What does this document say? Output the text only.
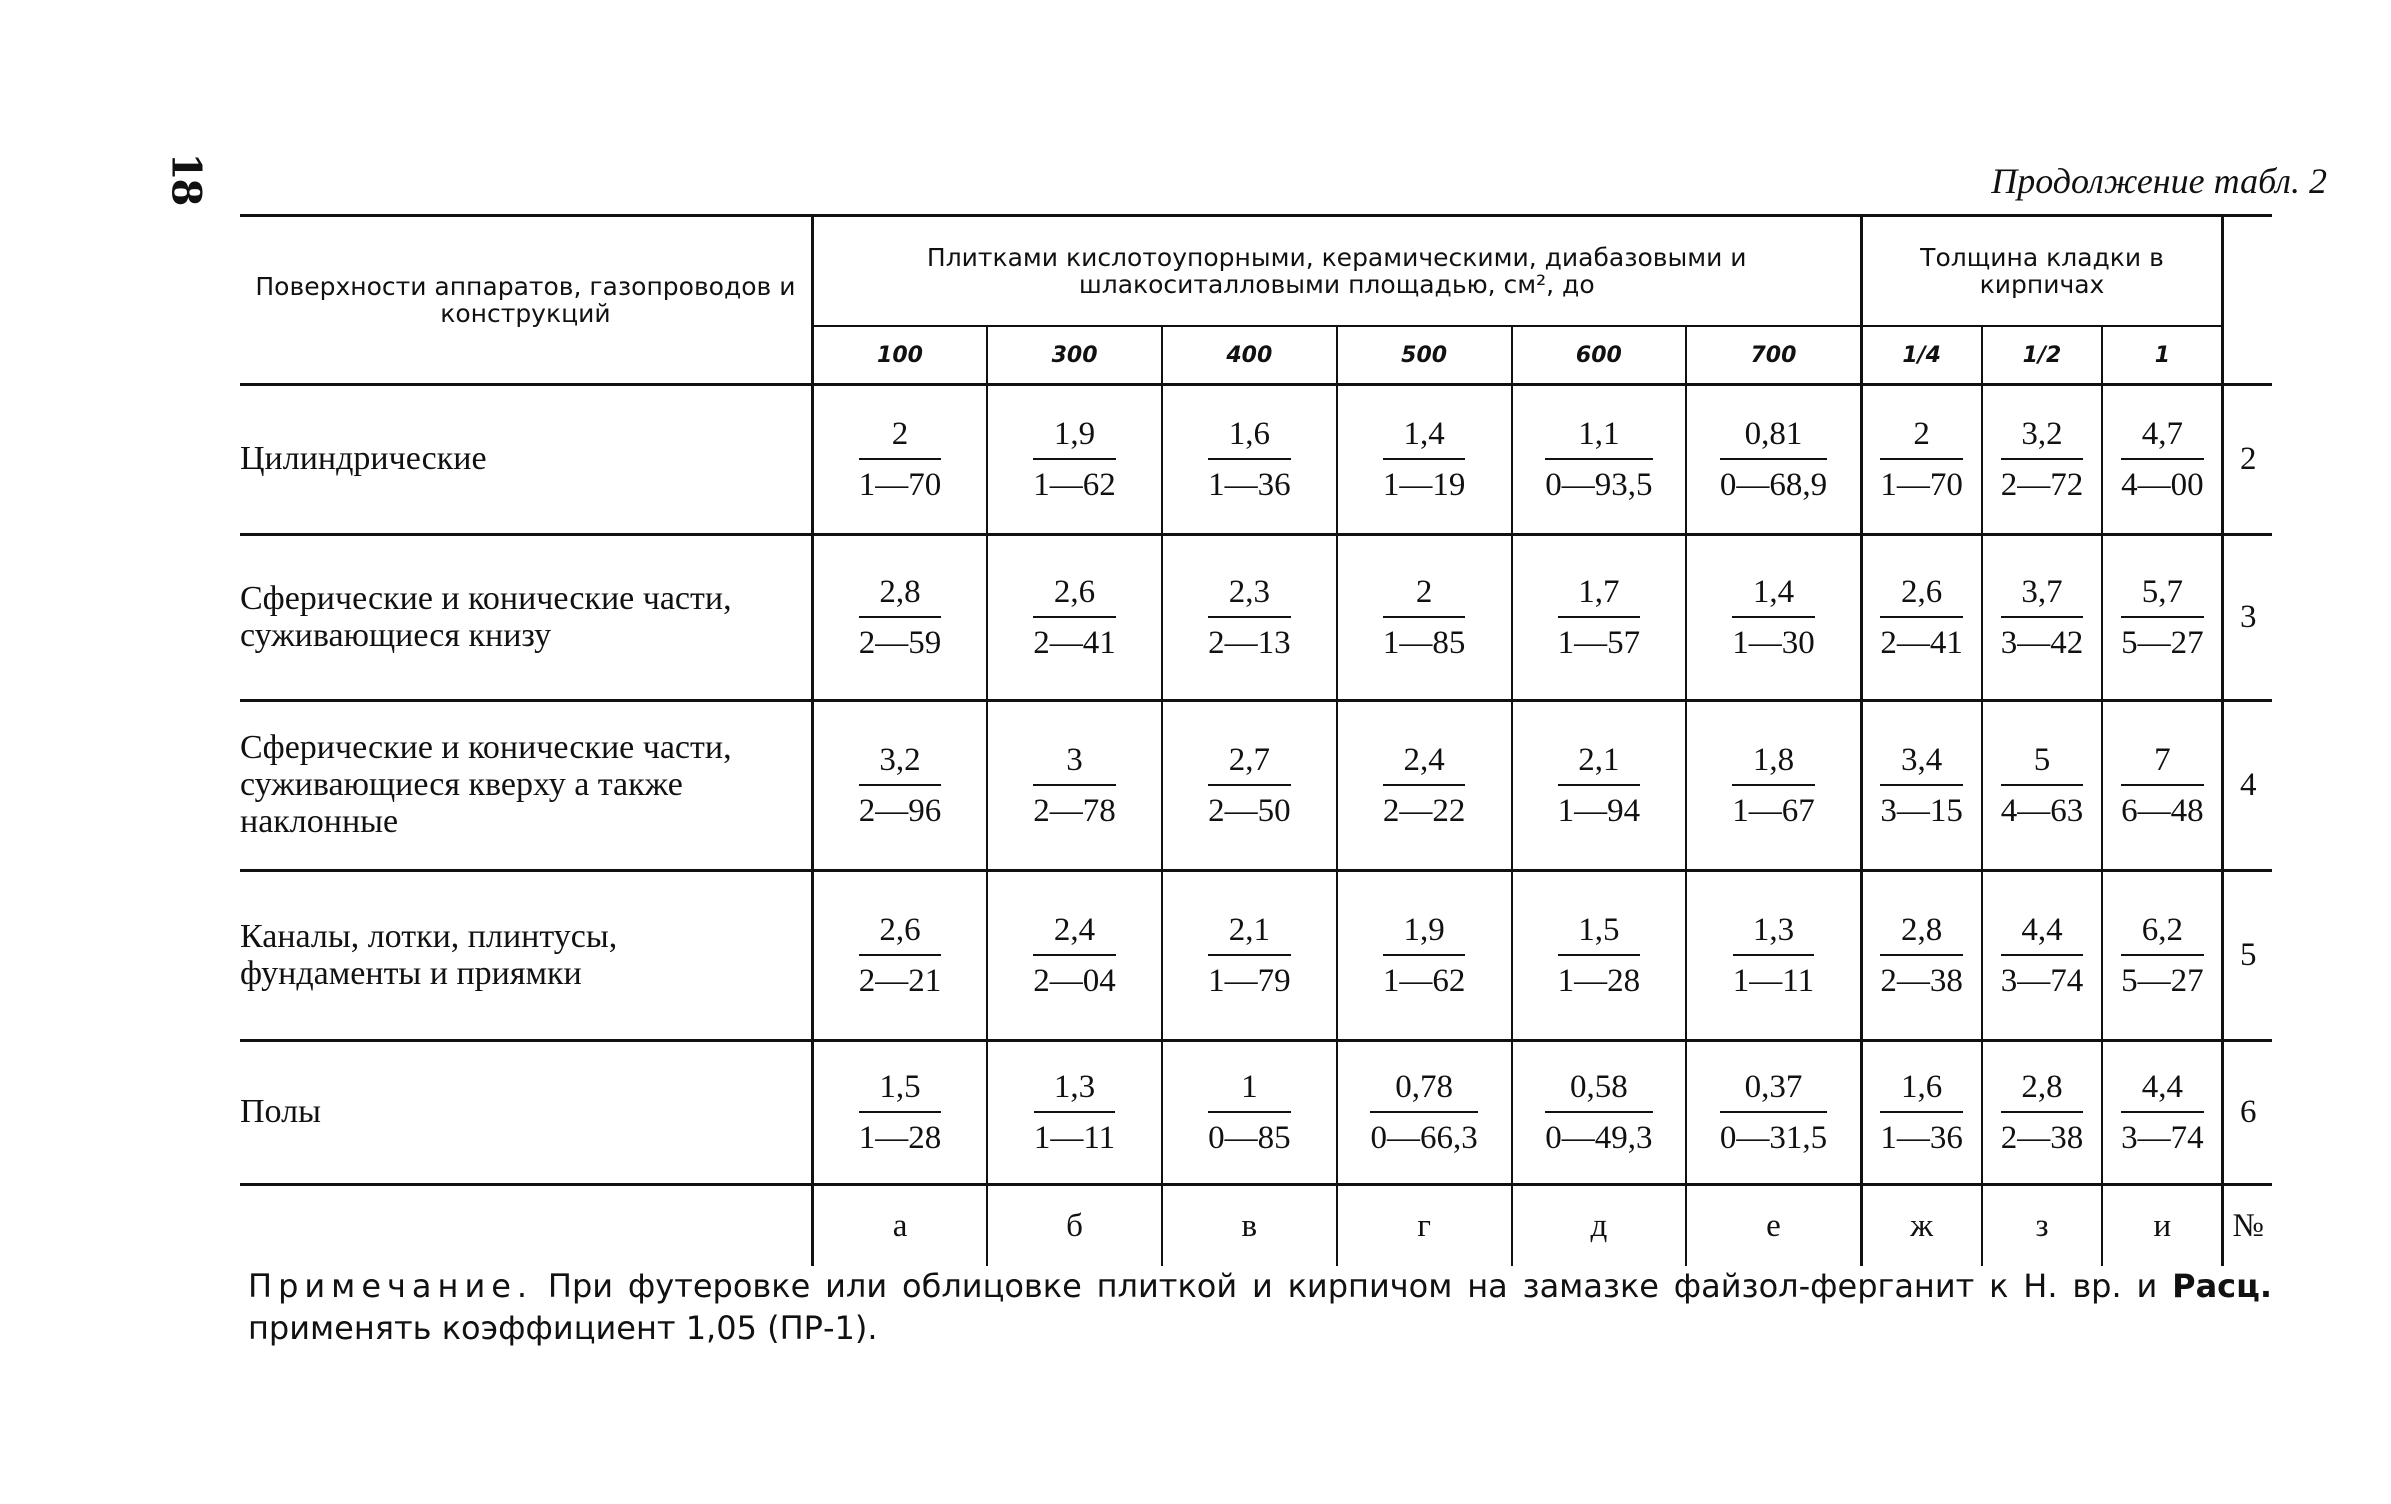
18	Продолжение табл. 2
Поверхности аппаратов, газопроводов и конструкций	Плитками кислотоупорными, керамическими, диабазовыми и шлакоситалловыми площадью, см², до						Толщина кладки в кирпичах			
	100	300	400	500	600	700	1/4	1/2	1	
Цилиндрические	$\frac{2}{1—70}$	$\frac{1,9}{1—62}$	$\frac{1,6}{1—36}$	$\frac{1,4}{1—19}$	$\frac{1,1}{0—93,5}$	$\frac{0,81}{0—68,9}$	$\frac{2}{1—70}$	$\frac{3,2}{2—72}$	$\frac{4,7}{4—00}$	2
Сферические и конические части, суживающиеся книзу	$\frac{2,8}{2—59}$	$\frac{2,6}{2—41}$	$\frac{2,3}{2—13}$	$\frac{2}{1—85}$	$\frac{1,7}{1—57}$	$\frac{1,4}{1—30}$	$\frac{2,6}{2—41}$	$\frac{3,7}{3—42}$	$\frac{5,7}{5—27}$	3
Сферические и конические части, суживающиеся кверху а также наклонные	$\frac{3,2}{2—96}$	$\frac{3}{2—78}$	$\frac{2,7}{2—50}$	$\frac{2,4}{2—22}$	$\frac{2,1}{1—94}$	$\frac{1,8}{1—67}$	$\frac{3,4}{3—15}$	$\frac{5}{4—63}$	$\frac{7}{6—48}$	4
Каналы, лотки, плинтусы, фундаменты и приямки	$\frac{2,6}{2—21}$	$\frac{2,4}{2—04}$	$\frac{2,1}{1—79}$	$\frac{1,9}{1—62}$	$\frac{1,5}{1—28}$	$\frac{1,3}{1—11}$	$\frac{2,8}{2—38}$	$\frac{4,4}{3—74}$	$\frac{6,2}{5—27}$	5
Полы	$\frac{1,5}{1—28}$	$\frac{1,3}{1—11}$	$\frac{1}{0—85}$	$\frac{0,78}{0—66,3}$	$\frac{0,58}{0—49,3}$	$\frac{0,37}{0—31,5}$	$\frac{1,6}{1—36}$	$\frac{2,8}{2—38}$	$\frac{4,4}{3—74}$	6
	а	б	в	г	д	е	ж	з	и	№
Примечание. При футеровке или облицовке плиткой и кирпичом на замазке файзол-ферганит к Н. вр. и Расц. применять коэффициент 1,05 (ПР-1).
